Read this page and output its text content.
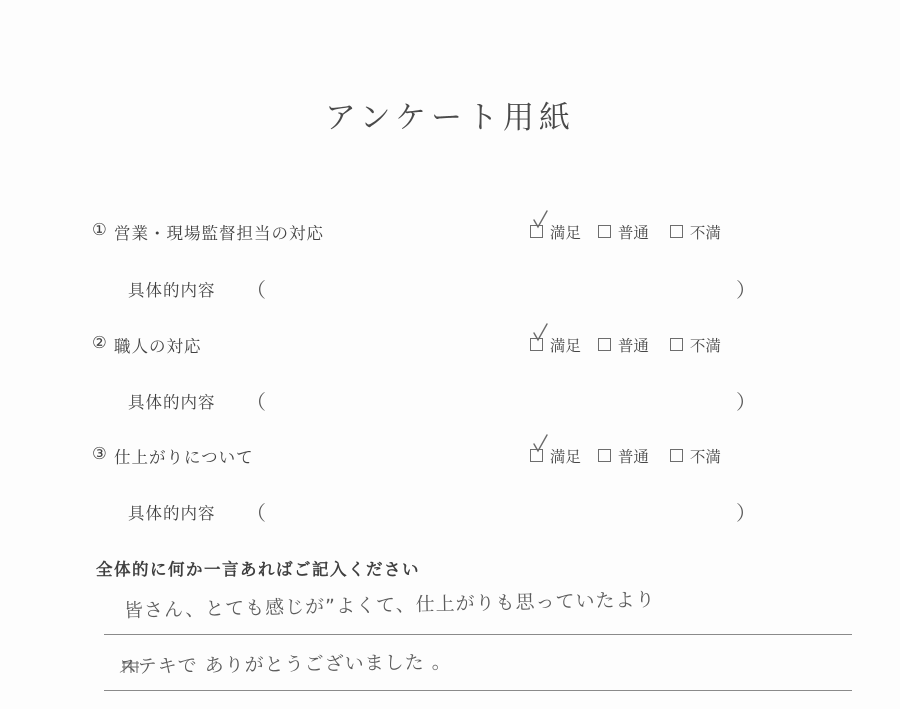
アンケート用紙
① 営業・現場監督担当の対応
	満足	普通	不満
具体的内容 （	）
② 職人の対応
	満足	普通	不満
具体的内容 （	）
③ 仕上がりについて
	満足	普通	不満
具体的内容 （	）
全体的に何か一言あればご記入ください
皆さん、とても感じが”よくて、仕上がりも思っていたより
ステキで ありがとうございました 。
